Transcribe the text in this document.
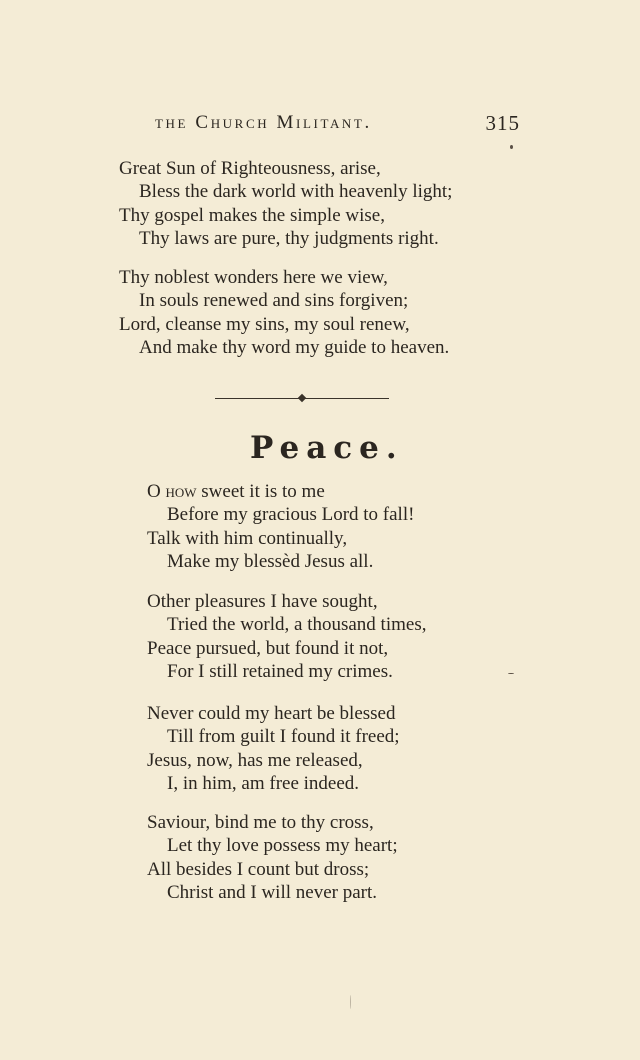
the Church Militant.	315
Great Sun of Righteousness, arise,
Bless the dark world with heavenly light;
Thy gospel makes the simple wise,
Thy laws are pure, thy judgments right.
Thy noblest wonders here we view,
In souls renewed and sins forgiven;
Lord, cleanse my sins, my soul renew,
And make thy word my guide to heaven.
Peace.
O how sweet it is to me
Before my gracious Lord to fall!
Talk with him continually,
Make my blessèd Jesus all.
Other pleasures I have sought,
Tried the world, a thousand times,
Peace pursued, but found it not,
For I still retained my crimes.
Never could my heart be blessed
Till from guilt I found it freed;
Jesus, now, has me released,
I, in him, am free indeed.
Saviour, bind me to thy cross,
Let thy love possess my heart;
All besides I count but dross;
Christ and I will never part.
